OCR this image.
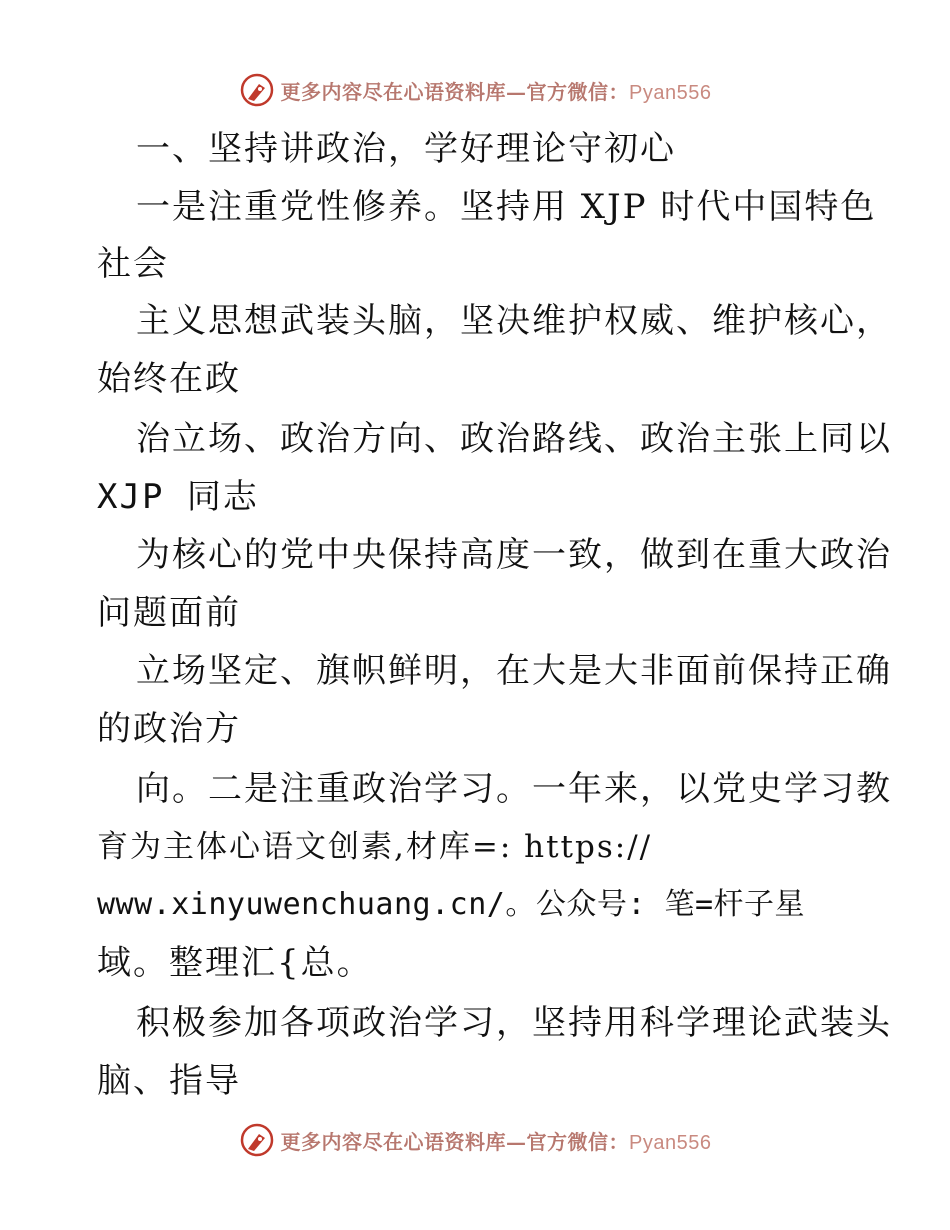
更多内容尽在心语资料库—官方微信：Pyan556
一、坚持讲政治，学好理论守初心
一是注重党性修养。坚持用 XJP 时代中国特色
社会
主义思想武装头脑，坚决维护权威、维护核心，
始终在政
治立场、政治方向、政治路线、政治主张上同以
XJP 同志
为核心的党中央保持高度一致，做到在重大政治
问题面前
立场坚定、旗帜鲜明，在大是大非面前保持正确
的政治方
向。二是注重政治学习。一年来，以党史学习教
育为主体心语文创素,材库=: https://
www.xinyuwenchuang.cn/。公众号: 笔=杆子星
域。整理汇{总。
积极参加各项政治学习，坚持用科学理论武装头
脑、指导
更多内容尽在心语资料库—官方微信：Pyan556
